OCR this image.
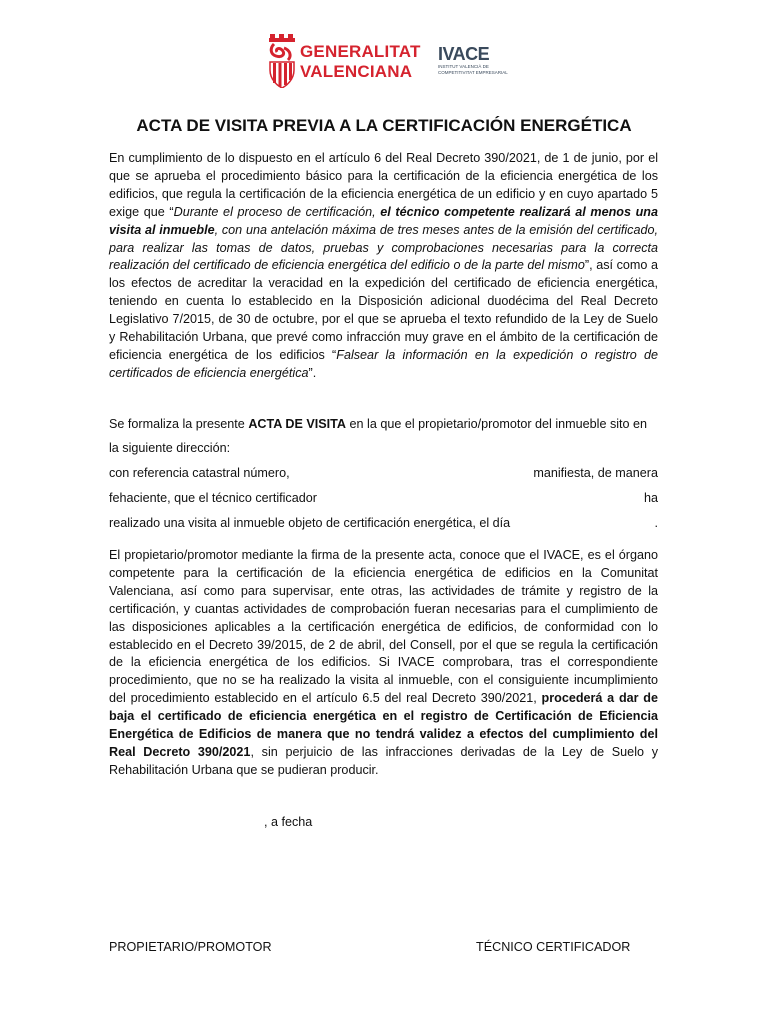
GENERALITAT
VALENCIANA
IVACE
INSTITUT VALENCIÀ DE
COMPETITIVITAT EMPRESARIAL
ACTA DE VISITA PREVIA A LA CERTIFICACIÓN ENERGÉTICA
En cumplimiento de lo dispuesto en el artículo 6 del Real Decreto 390/2021, de 1 de junio, por el que se aprueba el procedimiento básico para la certificación de la eficiencia energética de los edificios, que regula la certificación de la eficiencia energética de un edificio y en cuyo apartado 5 exige que “Durante el proceso de certificación, el técnico competente realizará al menos una visita al inmueble, con una antelación máxima de tres meses antes de la emisión del certificado, para realizar las tomas de datos, pruebas y comprobaciones necesarias para la correcta realización del certificado de eficiencia energética del edificio o de la parte del mismo”, así como a los efectos de acreditar la veracidad en la expedición del certificado de eficiencia energética, teniendo en cuenta lo establecido en la Disposición adicional duodécima del Real Decreto Legislativo 7/2015, de 30 de octubre, por el que se aprueba el texto refundido de la Ley de Suelo y Rehabilitación Urbana, que prevé como infracción muy grave en el ámbito de la certificación de eficiencia energética de los edificios “Falsear la información en la expedición o registro de certificados de eficiencia energética”.
Se formaliza la presente ACTA DE VISITA en la que el propietario/promotor del inmueble sito en
la siguiente dirección:
con referencia catastral número,	manifiesta, de manera
fehaciente, que el técnico certificador	ha
realizado una visita al inmueble objeto de certificación energética, el día	.
El propietario/promotor mediante la firma de la presente acta, conoce que el IVACE, es el órgano competente para la certificación de la eficiencia energética de edificios en la Comunitat Valenciana, así como para supervisar, ente otras, las actividades de trámite y registro de la certificación, y cuantas actividades de comprobación fueran necesarias para el cumplimiento de las disposiciones aplicables a la certificación energética de edificios, de conformidad con lo establecido en el Decreto 39/2015, de 2 de abril, del Consell, por el que se regula la certificación de la eficiencia energética de los edificios. Si IVACE comprobara, tras el correspondiente procedimiento, que no se ha realizado la visita al inmueble, con el consiguiente incumplimiento del procedimiento establecido en el artículo 6.5 del real Decreto 390/2021, procederá a dar de baja el certificado de eficiencia energética en el registro de Certificación de Eficiencia Energética de Edificios de manera que no tendrá validez a efectos del cumplimiento del Real Decreto 390/2021, sin perjuicio de las infracciones derivadas de la Ley de Suelo y Rehabilitación Urbana que se pudieran producir.
, a fecha
PROPIETARIO/PROMOTOR	TÉCNICO CERTIFICADOR
